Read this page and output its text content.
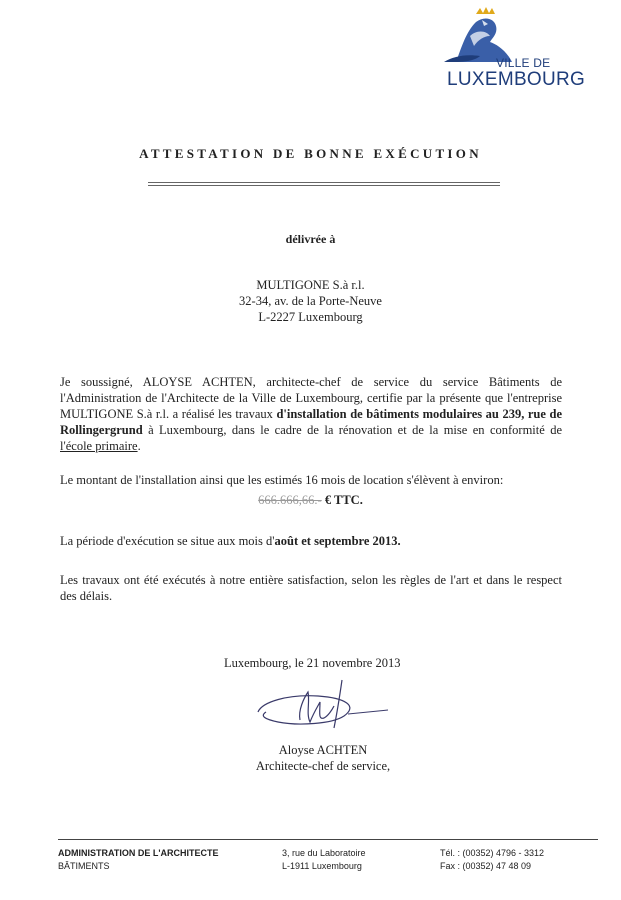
VILLE DE
LUXEMBOURG
ATTESTATION DE BONNE EXÉCUTION
délivrée à
MULTIGONE S.à r.l.
32-34, av. de la Porte-Neuve
L-2227 Luxembourg
Je soussigné, ALOYSE ACHTEN, architecte-chef de service du service Bâtiments de l'Administration de l'Architecte de la Ville de Luxembourg, certifie par la présente que l'entreprise MULTIGONE S.à r.l. a réalisé les travaux d'installation de bâtiments modulaires au 239, rue de Rollingergrund à Luxembourg, dans le cadre de la rénovation et de la mise en conformité de l'école primaire.
Le montant de l'installation ainsi que les estimés 16 mois de location s'élèvent à environ:
666.666,66.- € TTC.
La période d'exécution se situe aux mois d'août et septembre 2013.
Les travaux ont été exécutés à notre entière satisfaction, selon les règles de l'art et dans le respect des délais.
Luxembourg, le 21 novembre 2013
Aloyse ACHTEN
Architecte-chef de service,
ADMINISTRATION DE L'ARCHITECTE
BÂTIMENTS
3, rue du Laboratoire
L-1911 Luxembourg
Tél. : (00352) 4796 - 3312
Fax : (00352) 47 48 09
